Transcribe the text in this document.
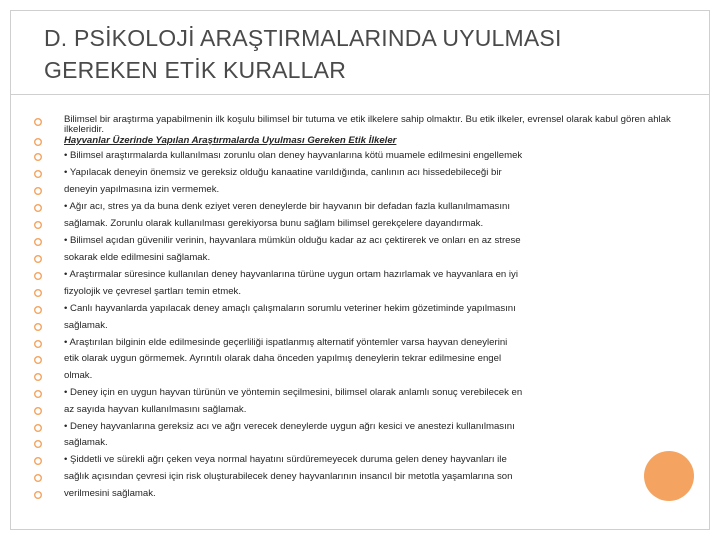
D. PSİKOLOJİ ARAŞTIRMALARINDA UYULMASI
GEREKEN ETİK KURALLAR
Bilimsel bir araştırma yapabilmenin ilk koşulu bilimsel bir tutuma ve etik ilkelere sahip olmaktır. Bu etik ilkeler, evrensel olarak kabul gören ahlak ilkeleridir.
Hayvanlar Üzerinde Yapılan Araştırmalarda Uyulması Gereken Etik İlkeler
• Bilimsel araştırmalarda kullanılması zorunlu olan deney hayvanlarına kötü muamele edilmesini engellemek
• Yapılacak deneyin önemsiz ve gereksiz olduğu kanaatine varıldığında, canlının acı hissedebileceği bir
deneyin yapılmasına izin vermemek.
• Ağır acı, stres ya da buna denk eziyet veren deneylerde bir hayvanın bir defadan fazla kullanılmamasını
sağlamak. Zorunlu olarak kullanılması gerekiyorsa bunu sağlam bilimsel gerekçelere dayandırmak.
• Bilimsel açıdan güvenilir verinin, hayvanlara mümkün olduğu kadar az acı çektirerek ve onları en az strese
sokarak elde edilmesini sağlamak.
• Araştırmalar süresince kullanılan deney hayvanlarına türüne uygun ortam hazırlamak ve hayvanlara en iyi
fizyolojik ve çevresel şartları temin etmek.
• Canlı hayvanlarda yapılacak deney amaçlı çalışmaların sorumlu veteriner hekim gözetiminde yapılmasını
sağlamak.
• Araştırılan bilginin elde edilmesinde geçerliliği ispatlanmış alternatif yöntemler varsa hayvan deneylerini
etik olarak uygun görmemek. Ayrıntılı olarak daha önceden yapılmış deneylerin tekrar edilmesine engel
olmak.
• Deney için en uygun hayvan türünün ve yöntemin seçilmesini, bilimsel olarak anlamlı sonuç verebilecek en
az sayıda hayvan kullanılmasını sağlamak.
• Deney hayvanlarına gereksiz acı ve ağrı verecek deneylerde uygun ağrı kesici ve anestezi kullanılmasını
sağlamak.
• Şiddetli ve sürekli ağrı çeken veya normal hayatını sürdüremeyecek duruma gelen deney hayvanları ile
sağlık açısından çevresi için risk oluşturabilecek deney hayvanlarının insancıl bir metotla yaşamlarına son
verilmesini sağlamak.
